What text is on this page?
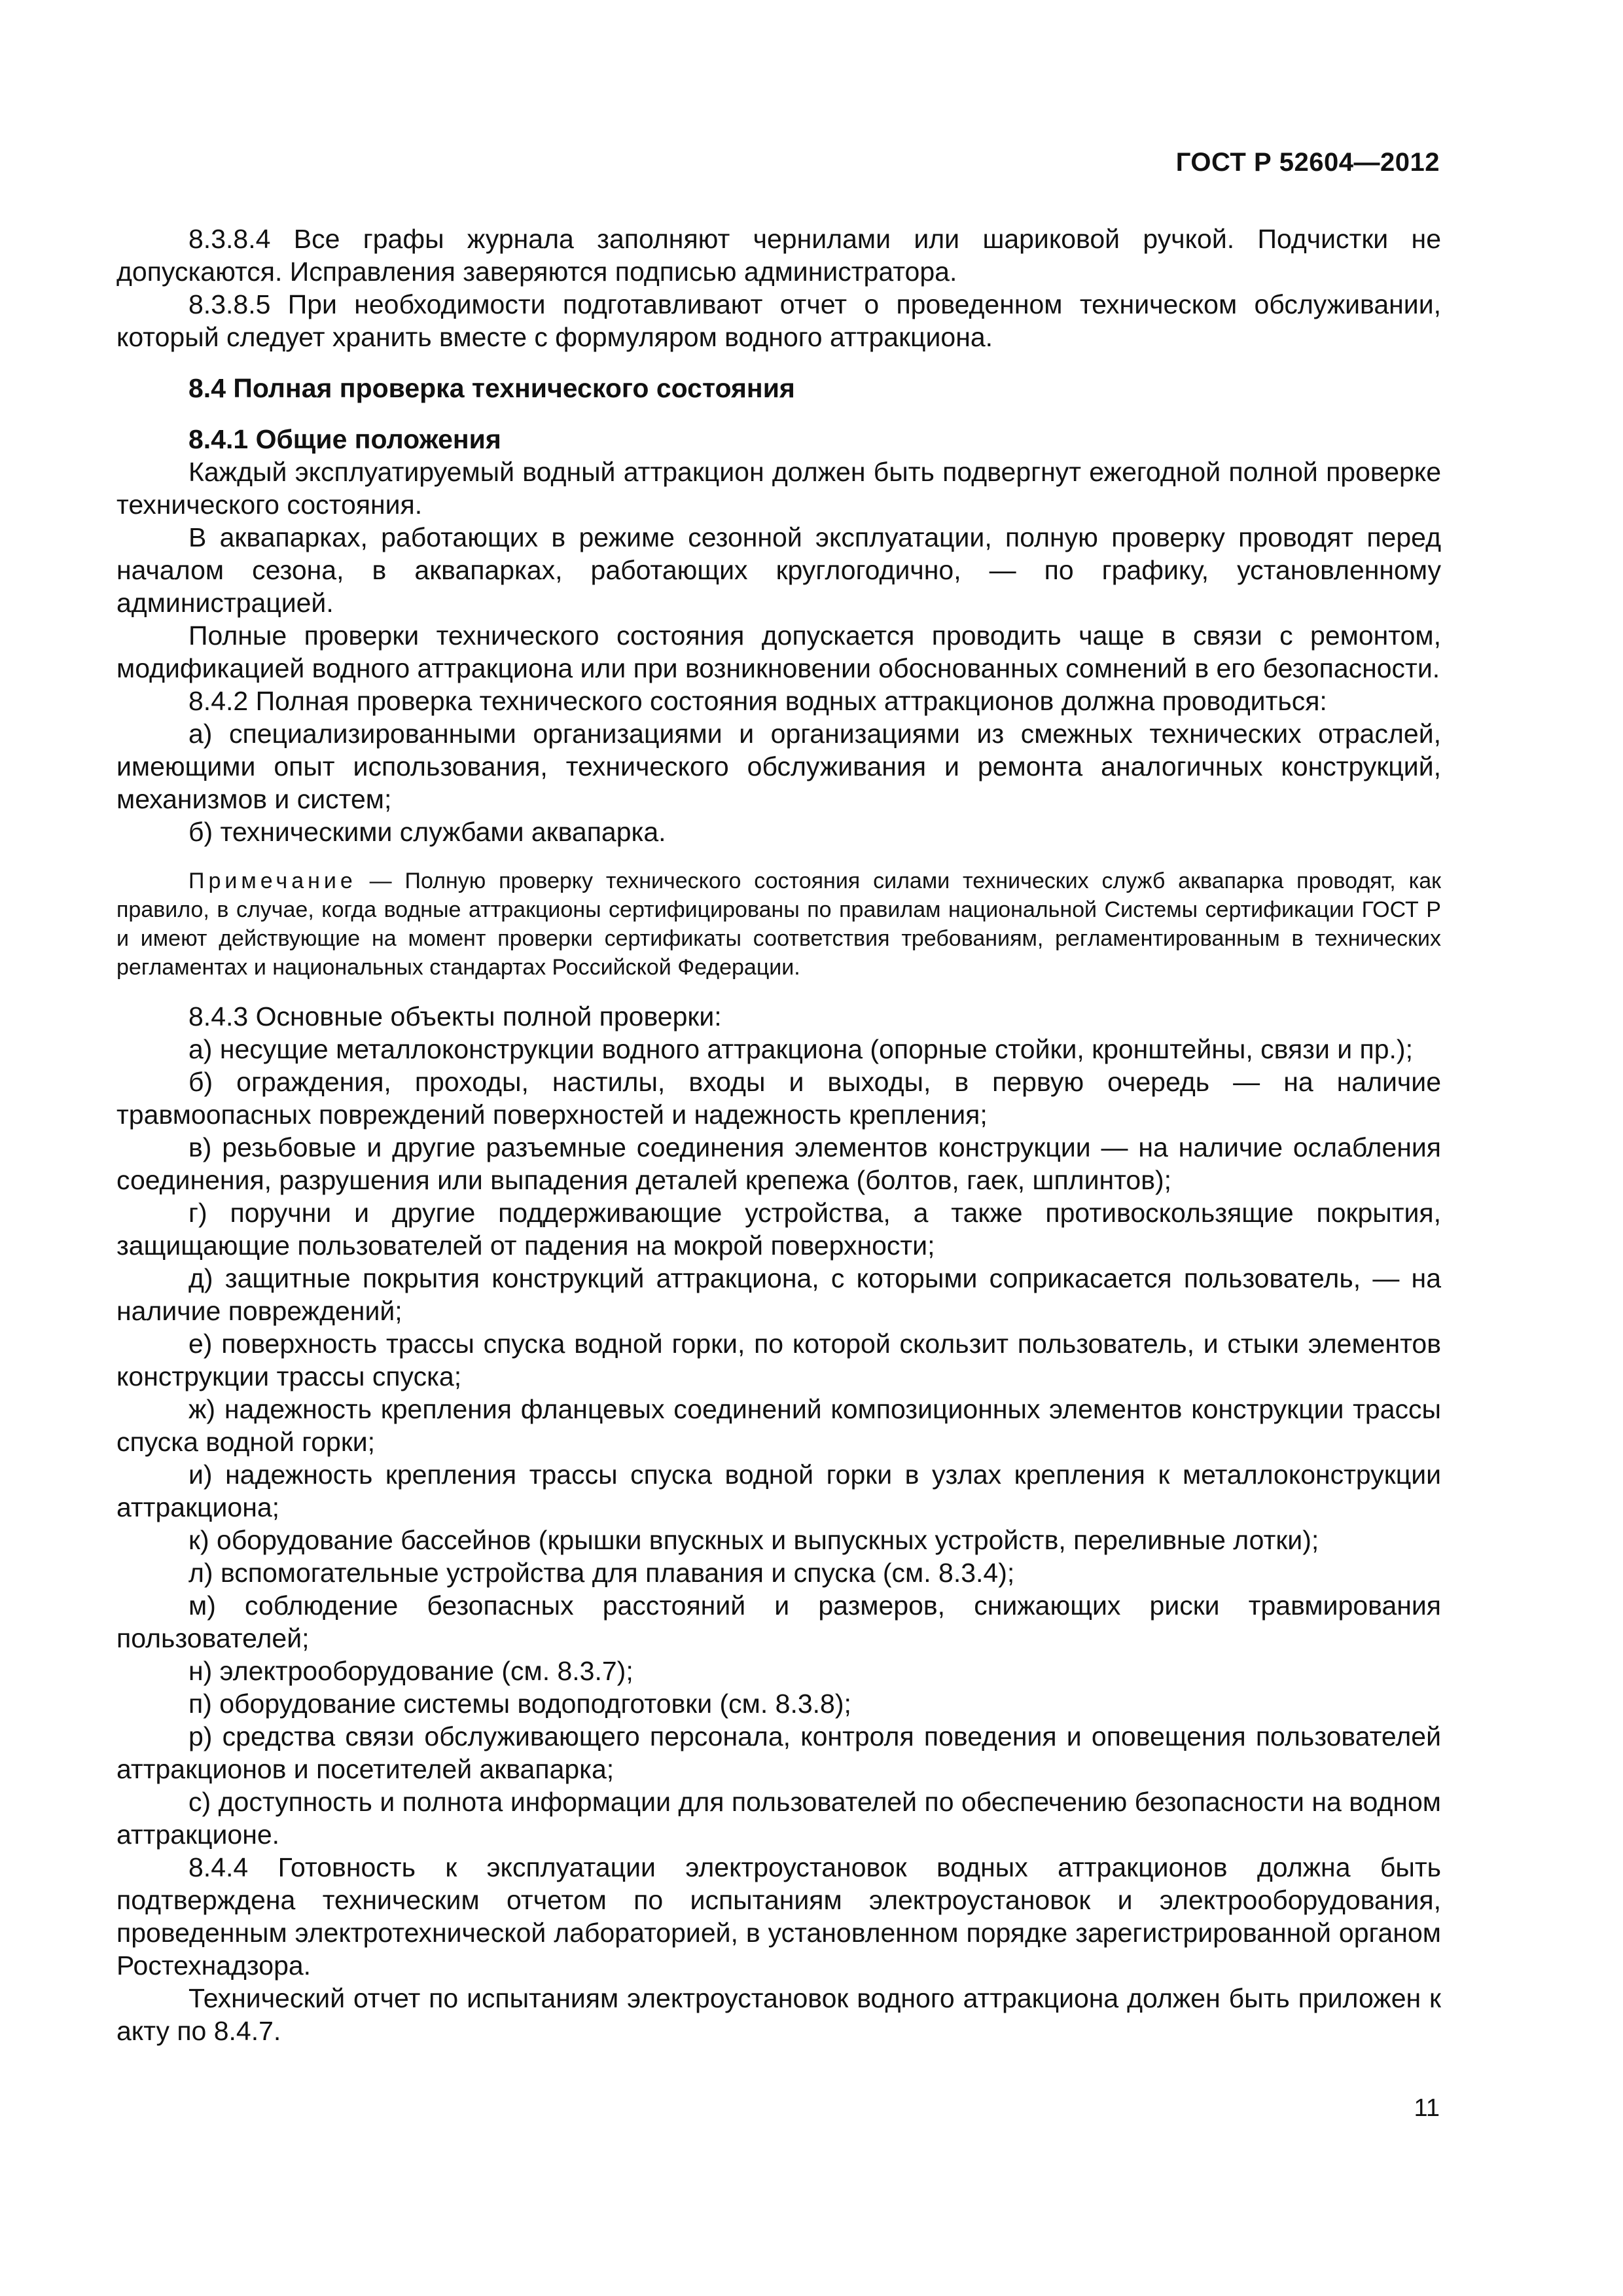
ГОСТ Р 52604—2012

8.3.8.4 Все графы журнала заполняют чернилами или шариковой ручкой. Подчистки не допускаются. Исправления заверяются подписью администратора.

8.3.8.5 При необходимости подготавливают отчет о проведенном техническом обслуживании, который следует хранить вместе с формуляром водного аттракциона.

8.4 Полная проверка технического состояния

8.4.1 Общие положения

Каждый эксплуатируемый водный аттракцион должен быть подвергнут ежегодной полной проверке технического состояния.

В аквапарках, работающих в режиме сезонной эксплуатации, полную проверку проводят перед началом сезона, в аквапарках, работающих круглогодично, — по графику, установленному администрацией.

Полные проверки технического состояния допускается проводить чаще в связи с ремонтом, модификацией водного аттракциона или при возникновении обоснованных сомнений в его безопасности.

8.4.2 Полная проверка технического состояния водных аттракционов должна проводиться:

а) специализированными организациями и организациями из смежных технических отраслей, имеющими опыт использования, технического обслуживания и ремонта аналогичных конструкций, механизмов и систем;

б) техническими службами аквапарка.

Примечание — Полную проверку технического состояния силами технических служб аквапарка проводят, как правило, в случае, когда водные аттракционы сертифицированы по правилам национальной Системы сертификации ГОСТ Р и имеют действующие на момент проверки сертификаты соответствия требованиям, регламентированным в технических регламентах и национальных стандартах Российской Федерации.

8.4.3 Основные объекты полной проверки:

а) несущие металлоконструкции водного аттракциона (опорные стойки, кронштейны, связи и пр.);

б) ограждения, проходы, настилы, входы и выходы, в первую очередь — на наличие травмоопасных повреждений поверхностей и надежность крепления;

в) резьбовые и другие разъемные соединения элементов конструкции — на наличие ослабления соединения, разрушения или выпадения деталей крепежа (болтов, гаек, шплинтов);

г) поручни и другие поддерживающие устройства, а также противоскользящие покрытия, защищающие пользователей от падения на мокрой поверхности;

д) защитные покрытия конструкций аттракциона, с которыми соприкасается пользователь, — на наличие повреждений;

е) поверхность трассы спуска водной горки, по которой скользит пользователь, и стыки элементов конструкции трассы спуска;

ж) надежность крепления фланцевых соединений композиционных элементов конструкции трассы спуска водной горки;

и) надежность крепления трассы спуска водной горки в узлах крепления к металлоконструкции аттракциона;

к) оборудование бассейнов (крышки впускных и выпускных устройств, переливные лотки);

л) вспомогательные устройства для плавания и спуска (см. 8.3.4);

м) соблюдение безопасных расстояний и размеров, снижающих риски травмирования пользователей;

н) электрооборудование (см. 8.3.7);

п) оборудование системы водоподготовки (см. 8.3.8);

р) средства связи обслуживающего персонала, контроля поведения и оповещения пользователей аттракционов и посетителей аквапарка;

с) доступность и полнота информации для пользователей по обеспечению безопасности на водном аттракционе.

8.4.4 Готовность к эксплуатации электроустановок водных аттракционов должна быть подтверждена техническим отчетом по испытаниям электроустановок и электрооборудования, проведенным электротехнической лабораторией, в установленном порядке зарегистрированной органом Ростехнадзора.

Технический отчет по испытаниям электроустановок водного аттракциона должен быть приложен к акту по 8.4.7.

11
